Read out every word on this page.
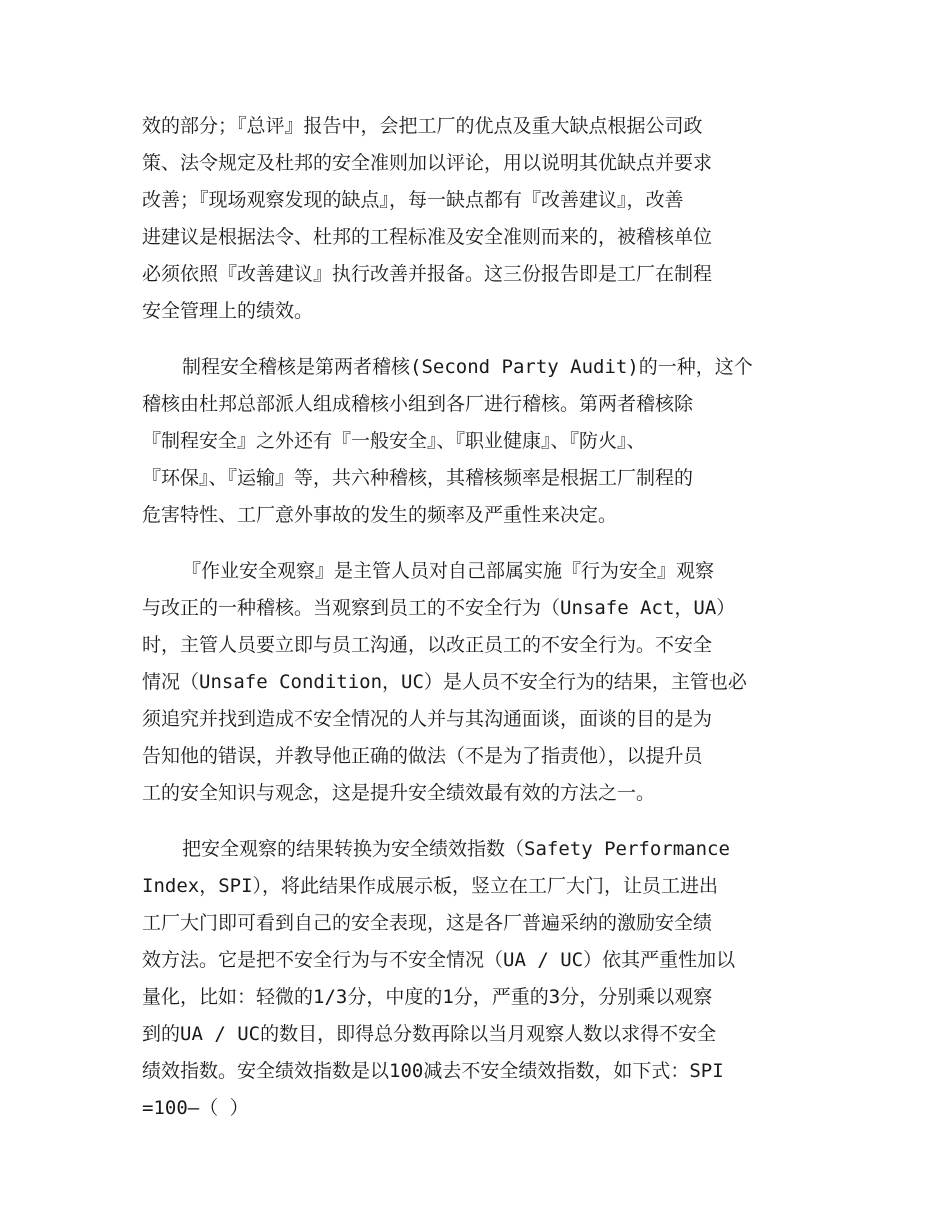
效的部分；『总评』报告中，会把工厂的优点及重大缺点根据公司政
策、法令规定及杜邦的安全准则加以评论，用以说明其优缺点并要求
改善；『现场观察发现的缺点』，每一缺点都有『改善建议』，改善
进建议是根据法令、杜邦的工程标准及安全准则而来的，被稽核单位
必须依照『改善建议』执行改善并报备。这三份报告即是工厂在制程
安全管理上的绩效。
制程安全稽核是第两者稽核(Second Party Audit)的一种，这个
稽核由杜邦总部派人组成稽核小组到各厂进行稽核。第两者稽核除
『制程安全』之外还有『一般安全』、『职业健康』、『防火』、
『环保』、『运输』等，共六种稽核，其稽核频率是根据工厂制程的
危害特性、工厂意外事故的发生的频率及严重性来决定。
『作业安全观察』是主管人员对自己部属实施『行为安全』观察
与改正的一种稽核。当观察到员工的不安全行为（Unsafe Act，UA）
时，主管人员要立即与员工沟通，以改正员工的不安全行为。不安全
情况（Unsafe Condition，UC）是人员不安全行为的结果，主管也必
须追究并找到造成不安全情况的人并与其沟通面谈，面谈的目的是为
告知他的错误，并教导他正确的做法（不是为了指责他），以提升员
工的安全知识与观念，这是提升安全绩效最有效的方法之一。
把安全观察的结果转换为安全绩效指数（Safety Performance
Index，SPI），将此结果作成展示板，竖立在工厂大门，让员工进出
工厂大门即可看到自己的安全表现，这是各厂普遍采纳的激励安全绩
效方法。它是把不安全行为与不安全情况（UA / UC）依其严重性加以
量化，比如：轻微的1/3分，中度的1分，严重的3分，分别乘以观察
到的UA / UC的数目，即得总分数再除以当月观察人数以求得不安全
绩效指数。安全绩效指数是以100减去不安全绩效指数，如下式：SPI
=100—（ ）
